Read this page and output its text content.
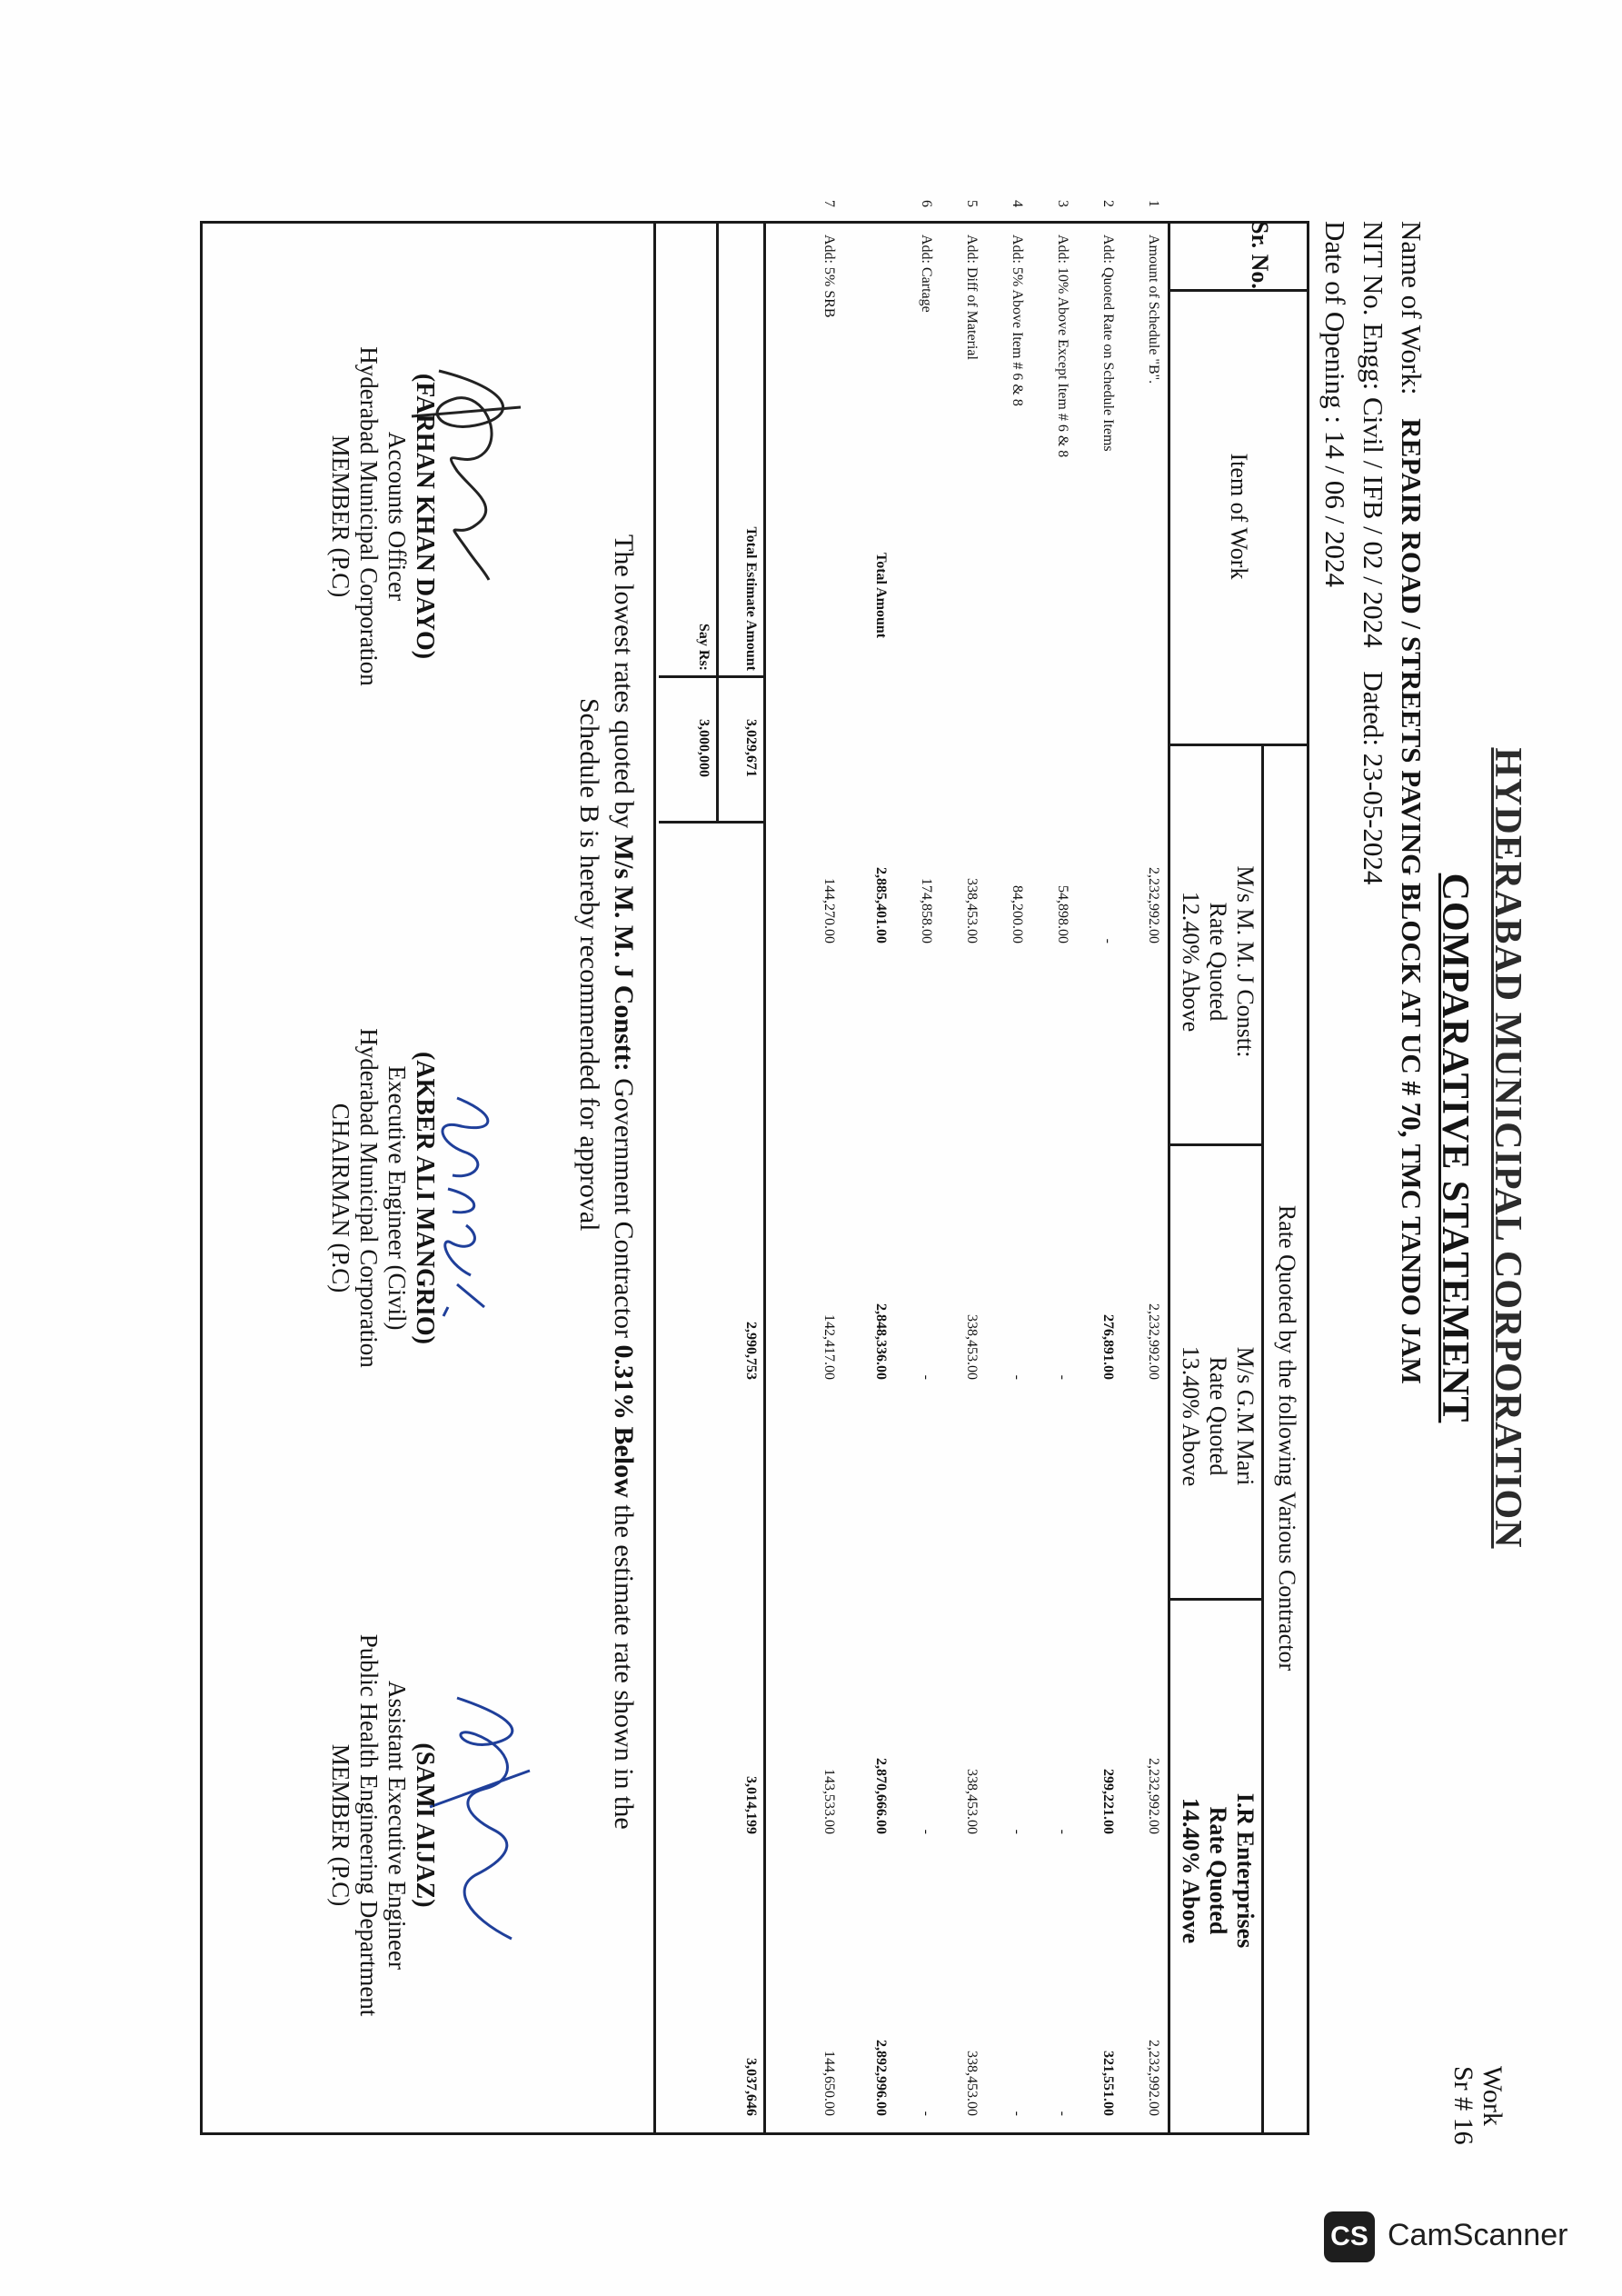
HYDERABAD MUNICIPAL CORPORATION
COMPARATIVE STATEMENT
Work
Sr # 16
Name of Work: REPAIR ROAD / STREETS PAVING BLOCK AT UC # 70, TMC TANDO JAM
NIT No. Engg: Civil / IFB / 02 / 2024 Dated: 23-05-2024
Date of Opening : 14 / 06 / 2024
Sr. No.
Item of Work
Rate Quoted by the following Various Contractor
M/s M. M. J Constt:
Rate Quoted
12.40% Above
M/s G.M Mari
Rate Quoted
13.40% Above
I.R Enterprises
Rate Quoted
14.40% Above
1
Amount of Schedule "B".
2,232,992.00
2,232,992.00
2,232,992.00
2,232,992.00
2
Add: Quoted Rate on Schedule Items
-
276,891.00
299,221.00
321,551.00
3
Add: 10% Above Except Item # 6 & 8
54,898.00
-
-
-
4
Add: 5% Above Item # 6 & 8
84,200.00
-
-
-
5
Add: Diff of Material
338,453.00
338,453.00
338,453.00
338,453.00
6
Add: Cartage
174,858.00
-
-
-
Total Amount
2,885,401.00
2,848,336.00
2,870,666.00
2,892,996.00
7
Add: 5% SRB
144,270.00
142,417.00
143,533.00
144,650.00
Total Estimate Amount
Say Rs:
3,029,671
3,000,000
2,990,753
3,014,199
3,037,646
The lowest rates quoted by M/s M. M. J Constt: Government Contractor 0.31% Below the estimate rate shown in the
Schedule B is hereby recommended for approval
(FARHAN KHAN DAYO)
Accounts Officer
Hyderabad Municipal Corporation
MEMBER (P.C)
(AKBER ALI MANGRIO)
Executive Engineer (Civil)
Hyderabad Municipal Corporation
CHAIRMAN (P.C)
(SAMI AIJAZ)
Assistant Executive Engineer
Public Health Engineering Department
MEMBER (P.C)
CS CamScanner
